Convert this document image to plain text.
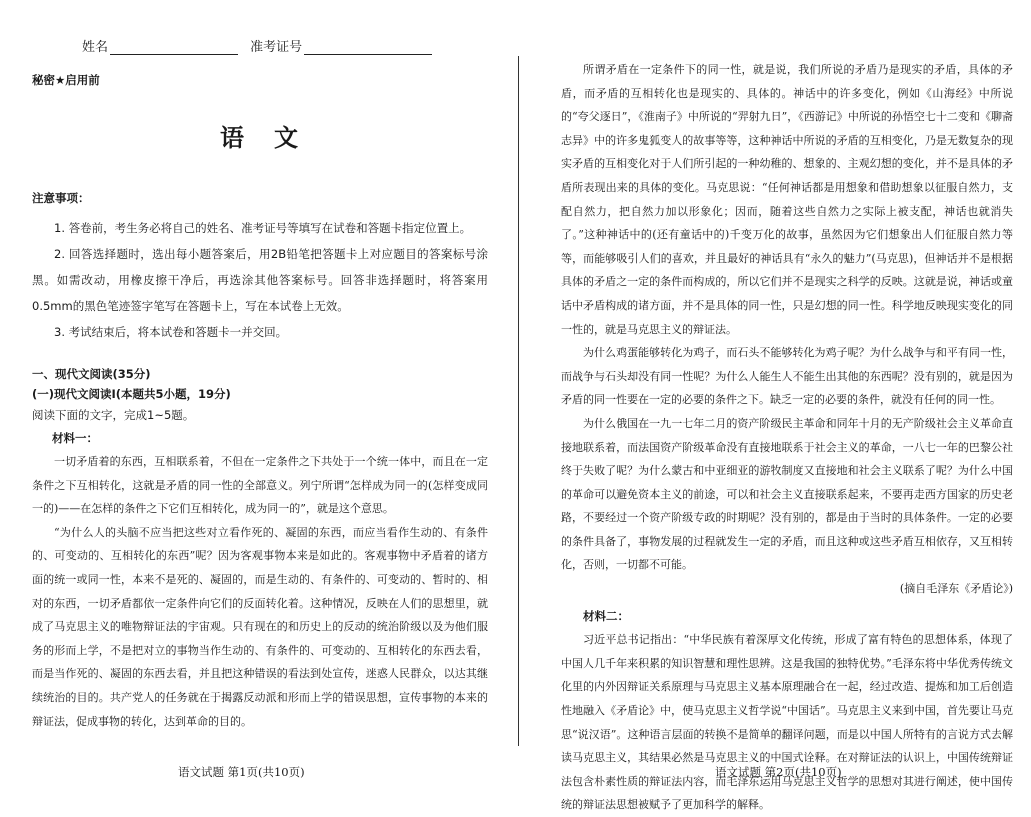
姓名	准考证号
秘密★启用前
语文
注意事项：

1. 答卷前，考生务必将自己的姓名、准考证号等填写在试卷和答题卡指定位置上。

2. 回答选择题时，选出每小题答案后，用2B铅笔把答题卡上对应题目的答案标号涂黑。如需改动，用橡皮擦干净后，再选涂其他答案标号。回答非选择题时，将答案用0.5mm的黑色笔迹签字笔写在答题卡上，写在本试卷上无效。

3. 考试结束后，将本试卷和答题卡一并交回。

一、现代文阅读(35分)
(一)现代文阅读Ⅰ(本题共5小题，19分)
阅读下面的文字，完成1~5题。
材料一：

一切矛盾着的东西，互相联系着，不但在一定条件之下共处于一个统一体中，而且在一定条件之下互相转化，这就是矛盾的同一性的全部意义。列宁所谓“怎样成为同一的(怎样变成同一的)——在怎样的条件之下它们互相转化，成为同一的”，就是这个意思。

“为什么人的头脑不应当把这些对立看作死的、凝固的东西，而应当看作生动的、有条件的、可变动的、互相转化的东西”呢？因为客观事物本来是如此的。客观事物中矛盾着的诸方面的统一或同一性，本来不是死的、凝固的，而是生动的、有条件的、可变动的、暂时的、相对的东西，一切矛盾都依一定条件向它们的反面转化着。这种情况，反映在人们的思想里，就成了马克思主义的唯物辩证法的宇宙观。只有现在的和历史上的反动的统治阶级以及为他们服务的形而上学，不是把对立的事物当作生动的、有条件的、可变动的、互相转化的东西去看，而是当作死的、凝固的东西去看，并且把这种错误的看法到处宣传，迷惑人民群众，以达其继续统治的目的。共产党人的任务就在于揭露反动派和形而上学的错误思想，宣传事物的本来的辩证法，促成事物的转化，达到革命的目的。

语文试题 第1页(共10页)

所谓矛盾在一定条件下的同一性，就是说，我们所说的矛盾乃是现实的矛盾，具体的矛盾，而矛盾的互相转化也是现实的、具体的。神话中的许多变化，例如《山海经》中所说的“夸父逐日”，《淮南子》中所说的“羿射九日”，《西游记》中所说的孙悟空七十二变和《聊斋志异》中的许多鬼狐变人的故事等等，这种神话中所说的矛盾的互相变化，乃是无数复杂的现实矛盾的互相变化对于人们所引起的一种幼稚的、想象的、主观幻想的变化，并不是具体的矛盾所表现出来的具体的变化。马克思说：“任何神话都是用想象和借助想象以征服自然力，支配自然力，把自然力加以形象化；因而，随着这些自然力之实际上被支配，神话也就消失了。”这种神话中的(还有童话中的)千变万化的故事，虽然因为它们想象出人们征服自然力等等，而能够吸引人们的喜欢，并且最好的神话具有“永久的魅力”(马克思)，但神话并不是根据具体的矛盾之一定的条件而构成的，所以它们并不是现实之科学的反映。这就是说，神话或童话中矛盾构成的诸方面，并不是具体的同一性，只是幻想的同一性。科学地反映现实变化的同一性的，就是马克思主义的辩证法。

为什么鸡蛋能够转化为鸡子，而石头不能够转化为鸡子呢？为什么战争与和平有同一性，而战争与石头却没有同一性呢？为什么人能生人不能生出其他的东西呢？没有别的，就是因为矛盾的同一性要在一定的必要的条件之下。缺乏一定的必要的条件，就没有任何的同一性。

为什么俄国在一九一七年二月的资产阶级民主革命和同年十月的无产阶级社会主义革命直接地联系着，而法国资产阶级革命没有直接地联系于社会主义的革命，一八七一年的巴黎公社终于失败了呢？为什么蒙古和中亚细亚的游牧制度又直接地和社会主义联系了呢？为什么中国的革命可以避免资本主义的前途，可以和社会主义直接联系起来，不要再走西方国家的历史老路，不要经过一个资产阶级专政的时期呢？没有别的，都是由于当时的具体条件。一定的必要的条件具备了，事物发展的过程就发生一定的矛盾，而且这种或这些矛盾互相依存，又互相转化，否则，一切都不可能。

(摘自毛泽东《矛盾论》)

材料二：

习近平总书记指出：“中华民族有着深厚文化传统，形成了富有特色的思想体系，体现了中国人几千年来积累的知识智慧和理性思辨。这是我国的独特优势。”毛泽东将中华优秀传统文化里的内外因辩证关系原理与马克思主义基本原理融合在一起，经过改造、提炼和加工后创造性地融入《矛盾论》中，使马克思主义哲学说“中国话”。马克思主义来到中国，首先要让马克思“说汉语”。这种语言层面的转换不是简单的翻译问题，而是以中国人所特有的言说方式去解读马克思主义，其结果必然是马克思主义的中国式诠释。在对辩证法的认识上，中国传统辩证法包含朴素性质的辩证法内容，而毛泽东运用马克思主义哲学的思想对其进行阐述，使中国传统的辩证法思想被赋予了更加科学的解释。

语文试题 第2页(共10页)
